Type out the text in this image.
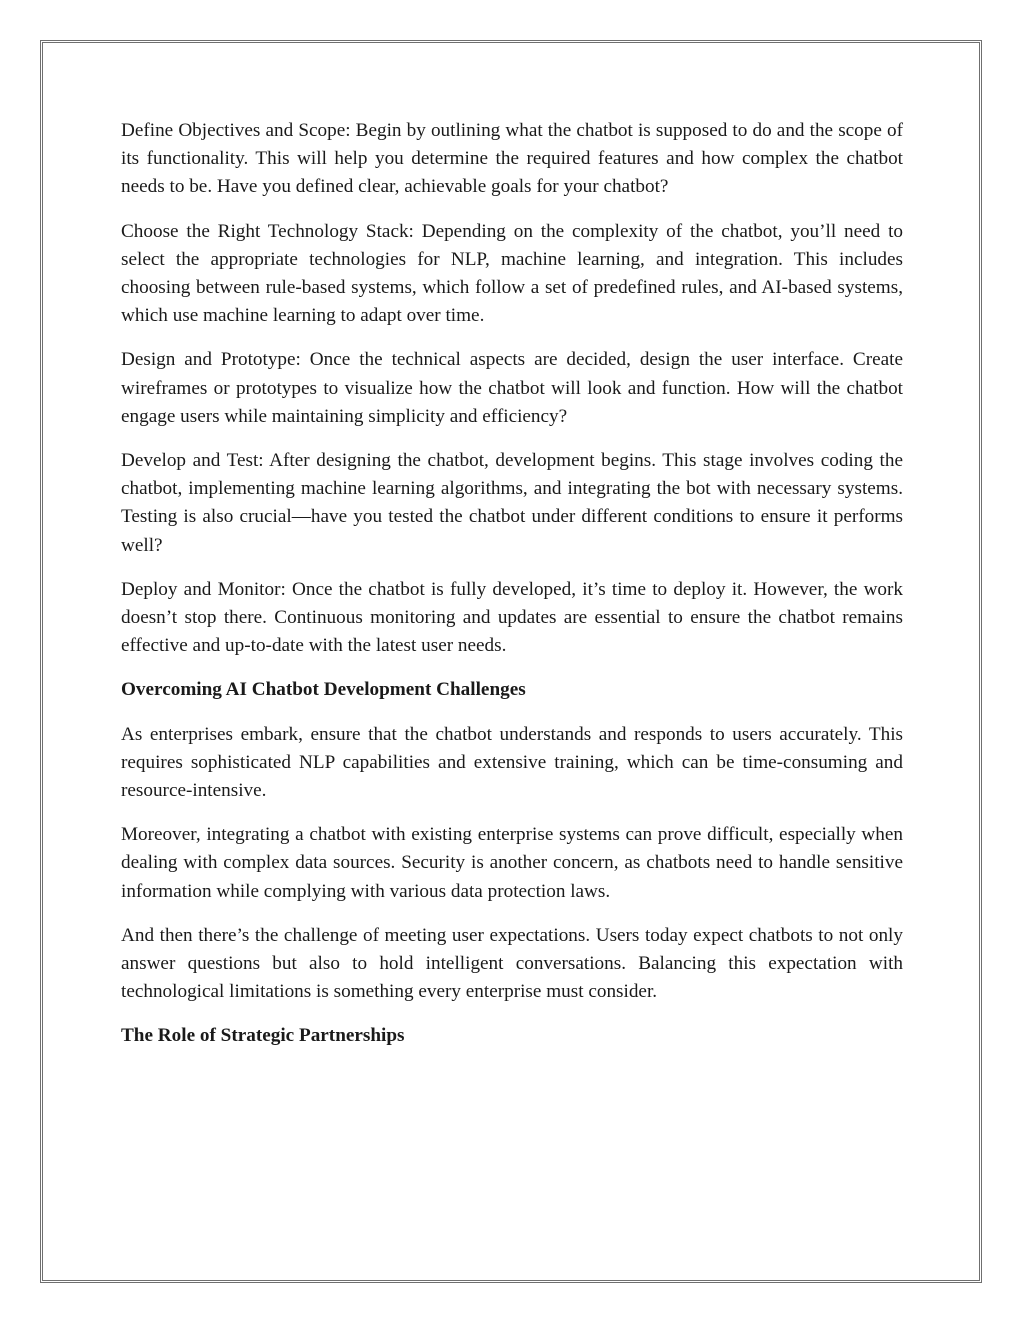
Define Objectives and Scope: Begin by outlining what the chatbot is supposed to do and the scope of its functionality. This will help you determine the required features and how complex the chatbot needs to be. Have you defined clear, achievable goals for your chatbot?

Choose the Right Technology Stack: Depending on the complexity of the chatbot, you’ll need to select the appropriate technologies for NLP, machine learning, and integration. This includes choosing between rule-based systems, which follow a set of predefined rules, and AI-based systems, which use machine learning to adapt over time.

Design and Prototype: Once the technical aspects are decided, design the user interface. Create wireframes or prototypes to visualize how the chatbot will look and function. How will the chatbot engage users while maintaining simplicity and efficiency?

Develop and Test: After designing the chatbot, development begins. This stage involves coding the chatbot, implementing machine learning algorithms, and integrating the bot with necessary systems. Testing is also crucial—have you tested the chatbot under different conditions to ensure it performs well?

Deploy and Monitor: Once the chatbot is fully developed, it’s time to deploy it. However, the work doesn’t stop there. Continuous monitoring and updates are essential to ensure the chatbot remains effective and up-to-date with the latest user needs.

Overcoming AI Chatbot Development Challenges

As enterprises embark, ensure that the chatbot understands and responds to users accurately. This requires sophisticated NLP capabilities and extensive training, which can be time-consuming and resource-intensive.

Moreover, integrating a chatbot with existing enterprise systems can prove difficult, especially when dealing with complex data sources. Security is another concern, as chatbots need to handle sensitive information while complying with various data protection laws.

And then there’s the challenge of meeting user expectations. Users today expect chatbots to not only answer questions but also to hold intelligent conversations. Balancing this expectation with technological limitations is something every enterprise must consider.

The Role of Strategic Partnerships
